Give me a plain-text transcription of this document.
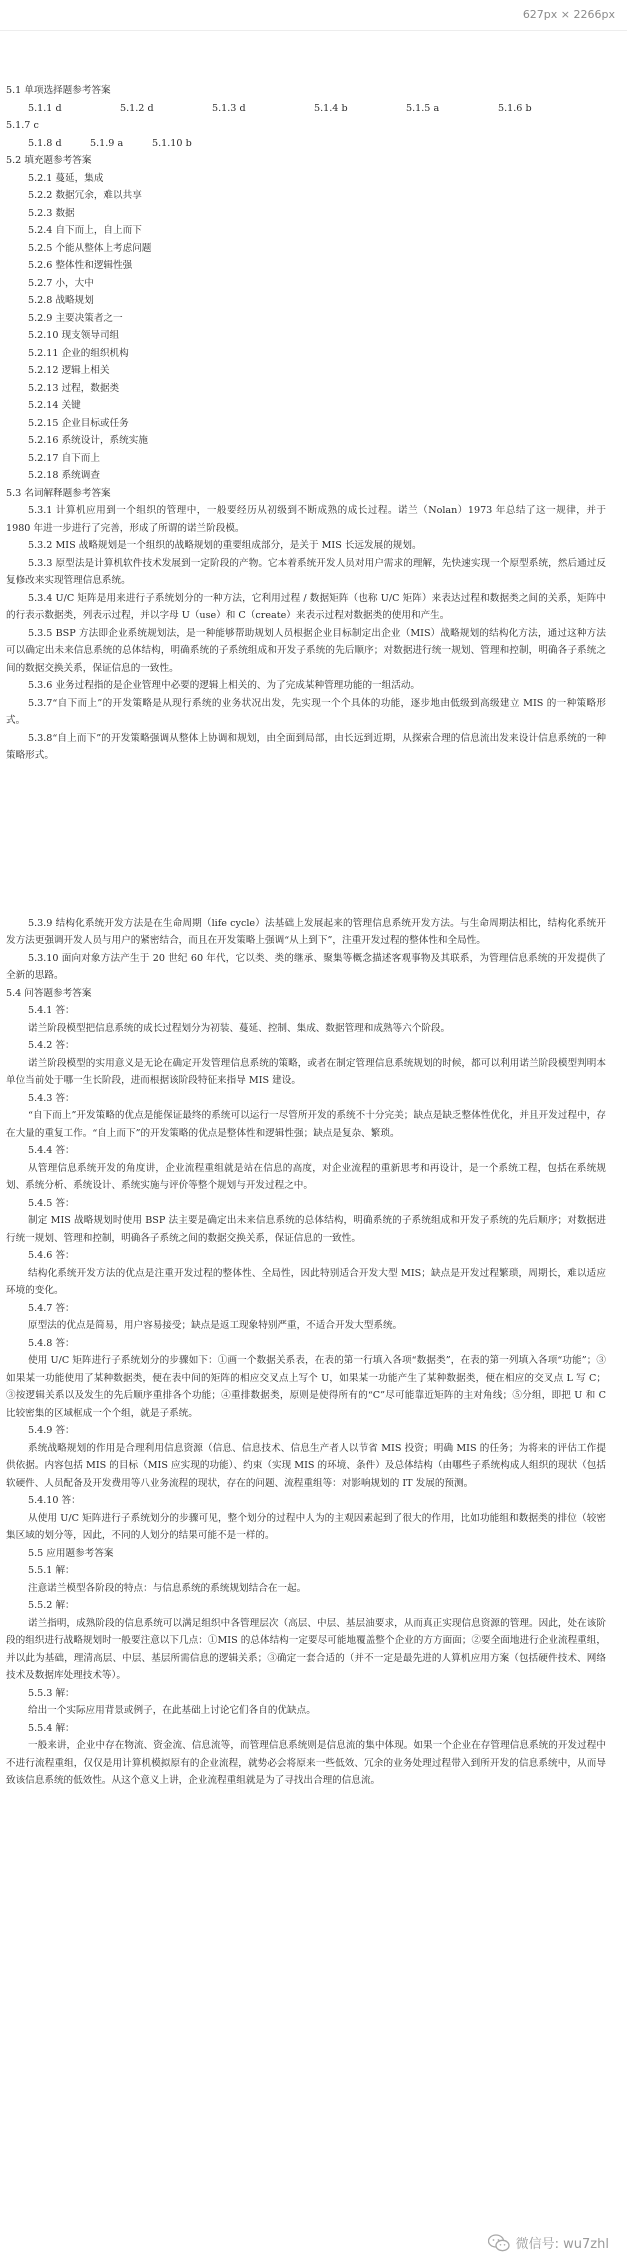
627px × 2266px

5.1 单项选择题参考答案

5.1.1 d	5.1.2 d	5.1.3 d	5.1.4 b	5.1.5 a	5.1.6 b

5.1.7 c

5.1.8 d	5.1.9 a	5.1.10 b

5.2 填充题参考答案

5.2.1 蔓延，集成

5.2.2 数据冗余，难以共享

5.2.3 数据

5.2.4 自下而上，自上而下

5.2.5 个能从整体上考虑问题

5.2.6 整体性和逻辑性强

5.2.7 小，大中

5.2.8 战略规划

5.2.9 主要决策者之一

5.2.10 现支领导司组

5.2.11 企业的组织机构

5.2.12 逻辑上相关

5.2.13 过程，数据类

5.2.14 关键

5.2.15 企业目标或任务

5.2.16 系统设计，系统实施

5.2.17 自下而上

5.2.18 系统调查

5.3 名词解释题参考答案

5.3.1 计算机应用到一个组织的管理中，一般要经历从初级到不断成熟的成长过程。诺兰（Nolan）1973 年总结了这一规律，并于 1980 年进一步进行了完善，形成了所谓的诺兰阶段模。

5.3.2 MIS 战略规划是一个组织的战略规划的重要组成部分，是关于 MIS 长远发展的规划。

5.3.3 原型法是计算机软件技术发展到一定阶段的产物。它本着系统开发人员对用户需求的理解，先快速实现一个原型系统，然后通过反复修改来实现管理信息系统。

5.3.4 U/C 矩阵是用来进行子系统划分的一种方法，它利用过程 / 数据矩阵（也称 U/C 矩阵）来表达过程和数据类之间的关系，矩阵中的行表示数据类，列表示过程，并以字母 U（use）和 C（create）来表示过程对数据类的使用和产生。

5.3.5 BSP 方法即企业系统规划法，是一种能够帮助规划人员根据企业目标制定出企业（MIS）战略规划的结构化方法，通过这种方法可以确定出未来信息系统的总体结构，明确系统的子系统组成和开发子系统的先后顺序；对数据进行统一规划、管理和控制，明确各子系统之间的数据交换关系，保证信息的一致性。

5.3.6 业务过程指的是企业管理中必要的逻辑上相关的、为了完成某种管理功能的一组活动。

5.3.7“自下而上”的开发策略是从现行系统的业务状况出发，先实现一个个具体的功能，逐步地由低级到高级建立 MIS 的一种策略形式。

5.3.8“自上而下”的开发策略强调从整体上协调和规划，由全面到局部，由长远到近期，从探索合理的信息流出发来设计信息系统的一种策略形式。

5.3.9 结构化系统开发方法是在生命周期（life cycle）法基础上发展起来的管理信息系统开发方法。与生命周期法相比，结构化系统开发方法更强调开发人员与用户的紧密结合，而且在开发策略上强调“从上到下”，注重开发过程的整体性和全局性。

5.3.10 面向对象方法产生于 20 世纪 60 年代，它以类、类的继承、聚集等概念描述客观事物及其联系，为管理信息系统的开发提供了全新的思路。

5.4 问答题参考答案

5.4.1 答：

诺兰阶段模型把信息系统的成长过程划分为初装、蔓延、控制、集成、数据管理和成熟等六个阶段。

5.4.2 答：

诺兰阶段模型的实用意义是无论在确定开发管理信息系统的策略，或者在制定管理信息系统规划的时候，都可以利用诺兰阶段模型判明本单位当前处于哪一生长阶段，进而根据该阶段特征来指导 MIS 建设。

5.4.3 答：

“自下而上”开发策略的优点是能保证最终的系统可以运行一尽管所开发的系统不十分完美；缺点是缺乏整体性优化，并且开发过程中，存在大量的重复工作。“自上而下”的开发策略的优点是整体性和逻辑性强；缺点是复杂、繁琐。

5.4.4 答：

从管理信息系统开发的角度讲，企业流程重组就是站在信息的高度，对企业流程的重新思考和再设计，是一个系统工程，包括在系统规划、系统分析、系统设计、系统实施与评价等整个规划与开发过程之中。

5.4.5 答：

制定 MIS 战略规划时使用 BSP 法主要是确定出未来信息系统的总体结构，明确系统的子系统组成和开发子系统的先后顺序；对数据进行统一规划、管理和控制，明确各子系统之间的数据交换关系，保证信息的一致性。

5.4.6 答：

结构化系统开发方法的优点是注重开发过程的整体性、全局性，因此特别适合开发大型 MIS；缺点是开发过程繁琐，周期长，难以适应环境的变化。

5.4.7 答：

原型法的优点是简易，用户容易接受；缺点是返工现象特别严重，不适合开发大型系统。

5.4.8 答：

使用 U/C 矩阵进行子系统划分的步骤如下：①画一个数据关系表，在表的第一行填入各项“数据类”，在表的第一列填入各项“功能”；③如果某一功能使用了某种数据类，便在表中间的矩阵的相应交叉点上写个 U，如果某一功能产生了某种数据类，便在相应的交叉点 L 写 C；③按逻辑关系以及发生的先后顺序重排各个功能；④重排数据类，原则是使得所有的“C”尽可能靠近矩阵的主对角线；⑤分组，即把 U 和 C 比较密集的区域框成一个个组，就是子系统。

5.4.9 答：

系统战略规划的作用是合理利用信息资源（信息、信息技术、信息生产者人以节省 MIS 投资；明确 MIS 的任务；为将来的评估工作提供依据。内容包括 MIS 的目标（MIS 应实现的功能）、约束（实现 MIS 的环境、条件）及总体结构（由哪些子系统构成人组织的现状（包括软硬件、人员配备及开发费用等八业务流程的现状，存在的问题、流程重组等：对影响规划的 IT 发展的预测。

5.4.10 答：

从使用 U/C 矩阵进行子系统划分的步骤可见，整个划分的过程中人为的主观因素起到了很大的作用，比如功能组和数据类的排位（较密集区域的划分等，因此，不同的人划分的结果可能不是一样的。

5.5 应用题参考答案

5.5.1 解：

注意诺兰模型各阶段的特点：与信息系统的系统规划结合在一起。

5.5.2 解：

诺兰指明，成熟阶段的信息系统可以满足组织中各管理层次（高层、中层、基层油要求，从而真正实现信息资源的管理。因此，处在该阶段的组织进行战略规划时一般要注意以下几点：①MIS 的总体结构一定要尽可能地覆盖整个企业的方方面面；②要全面地进行企业流程重组，并以此为基础，理清高层、中层、基层所需信息的逻辑关系；③确定一套合适的（并不一定是最先进的人算机应用方案（包括硬件技术、网络技术及数据库处理技术等）。

5.5.3 解：

给出一个实际应用背景或例子，在此基础上讨论它们各自的优缺点。

5.5.4 解：

一般来讲，企业中存在物流、资金流、信息流等，而管理信息系统则是信息流的集中体现。如果一个企业在存管理信息系统的开发过程中不进行流程重组，仅仅是用计算机模拟原有的企业流程，就势必会将原来一些低效、冗余的业务处理过程带入到所开发的信息系统中，从而导致该信息系统的低效性。从这个意义上讲，企业流程重组就是为了寻找出合理的信息流。

微信号: wu7zhl
